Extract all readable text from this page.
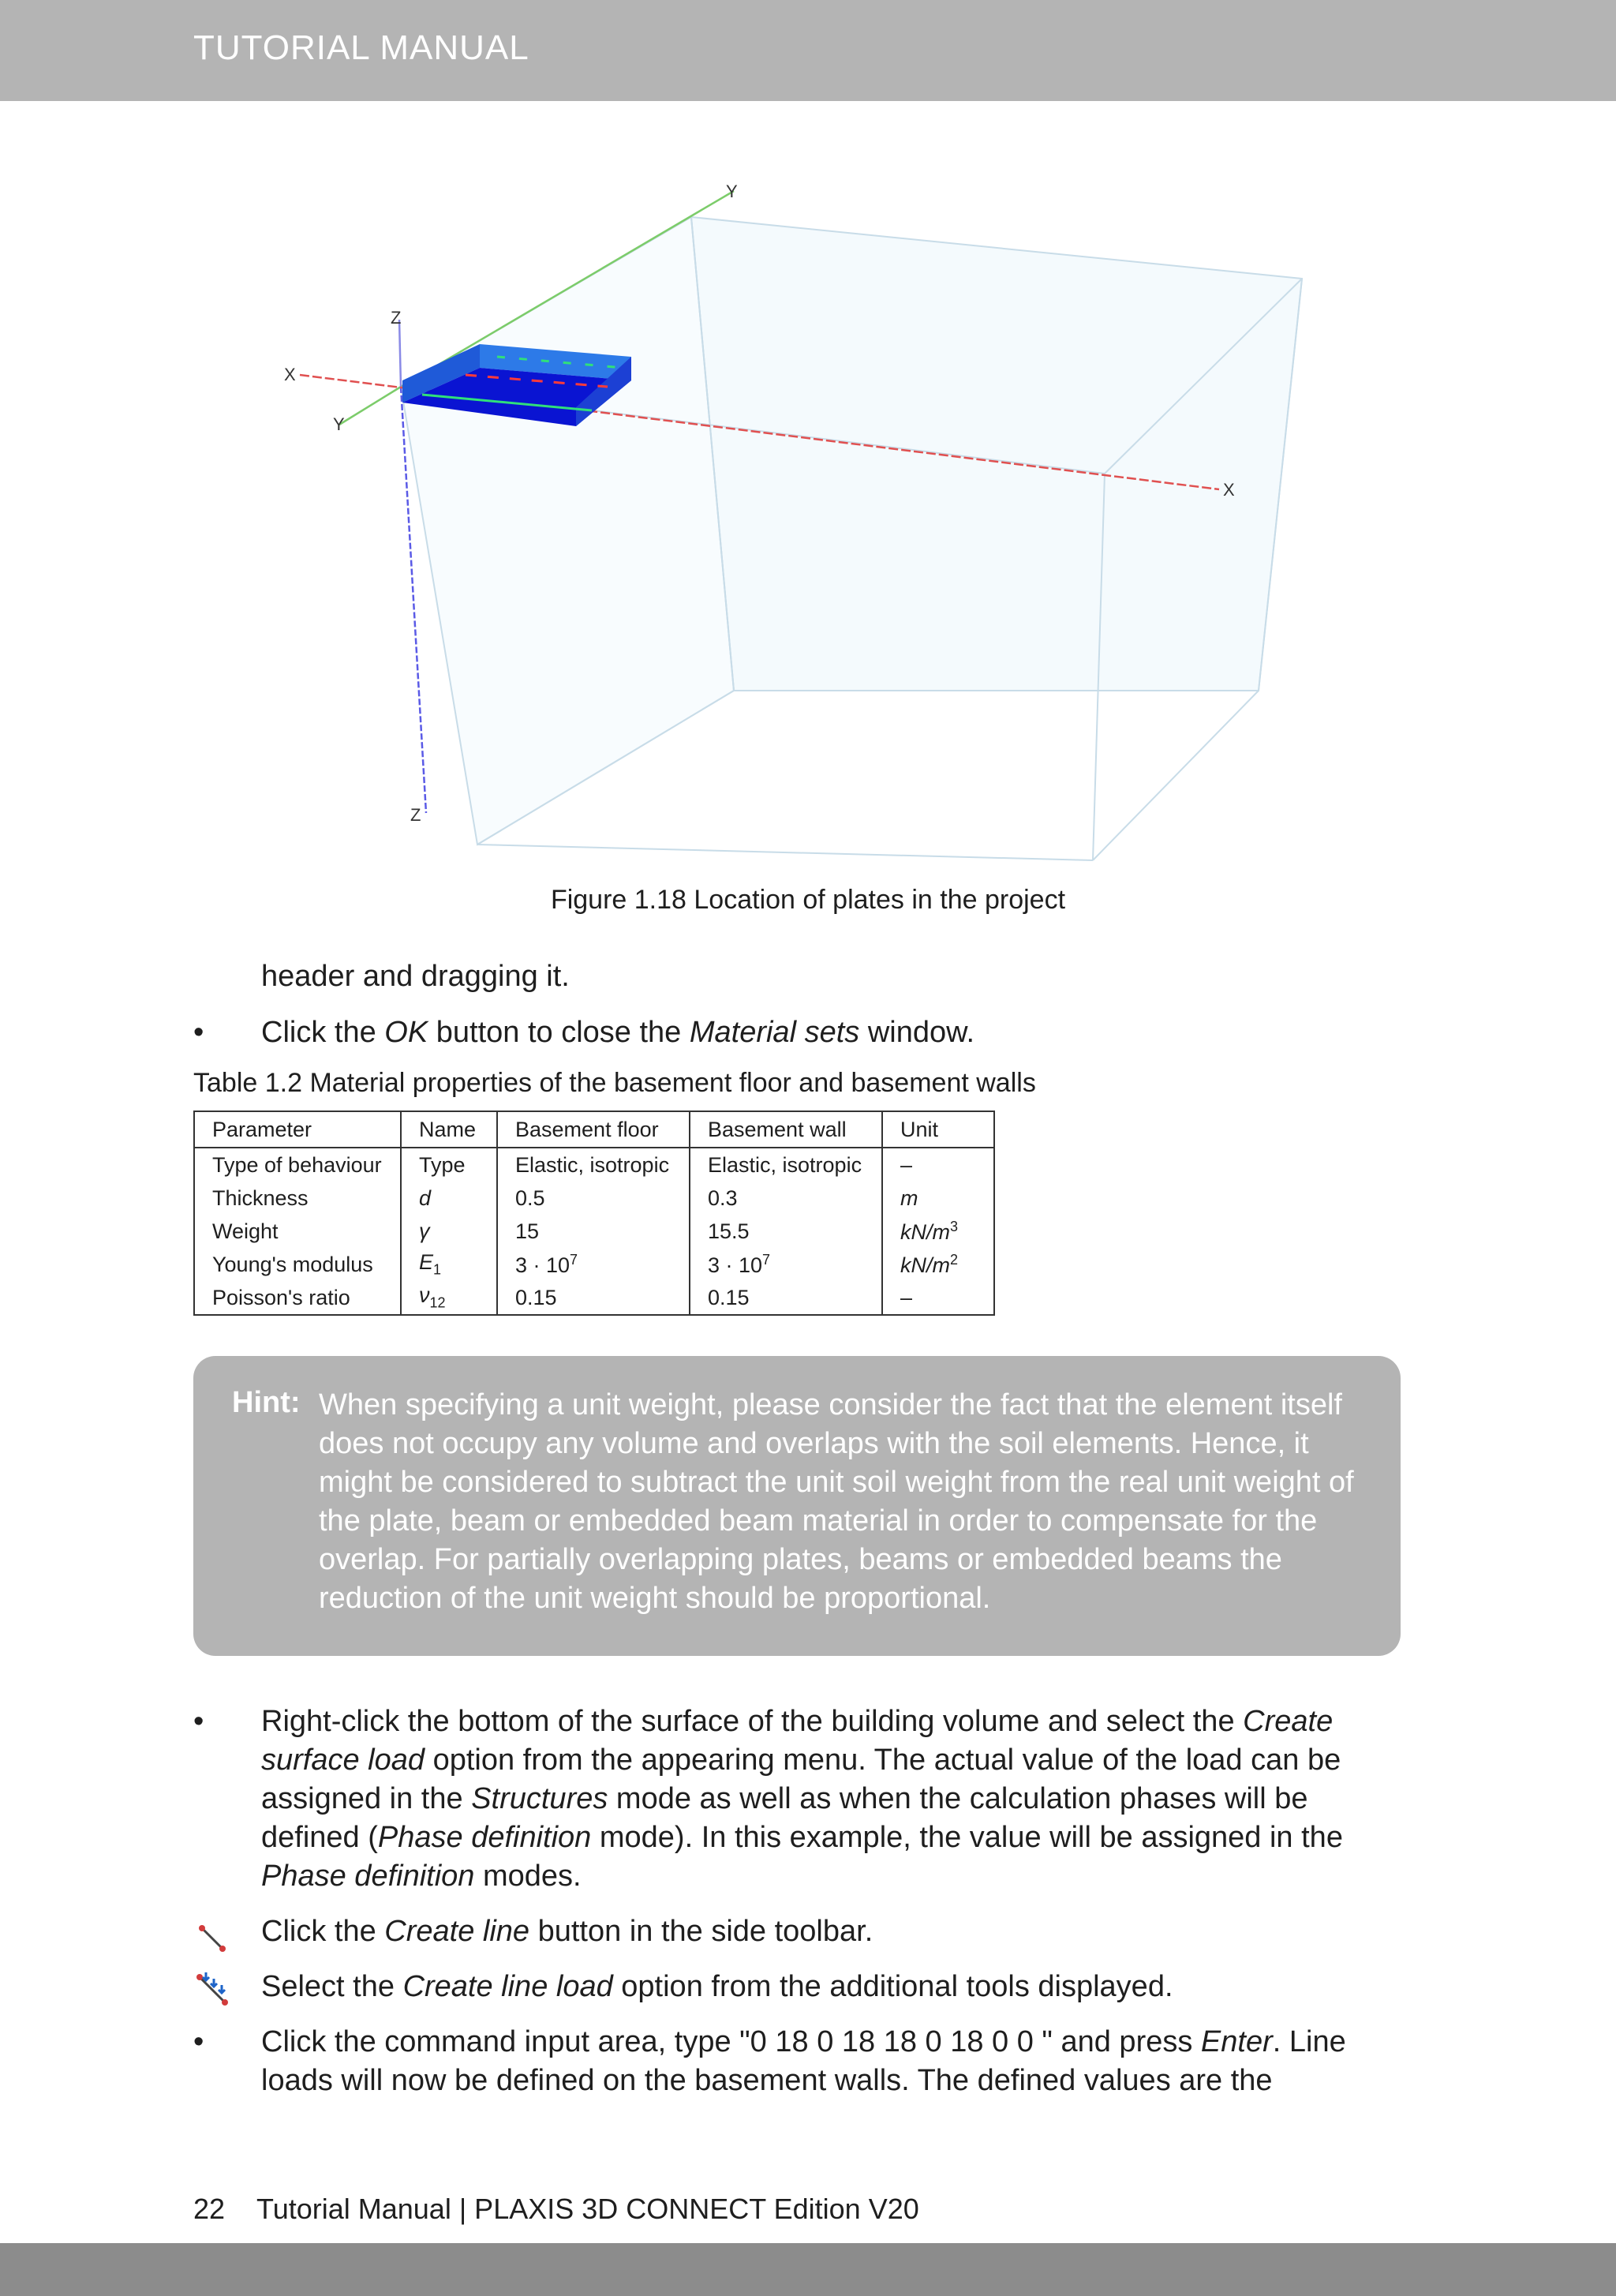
TUTORIAL MANUAL
Y
Z
X
Y
X
Z
Figure 1.18 Location of plates in the project
header and dragging it.
• Click the OK button to close the Material sets window.
Table 1.2 Material properties of the basement floor and basement walls
Parameter	Name	Basement floor	Basement wall	Unit
Type of behaviour	Type	Elastic, isotropic	Elastic, isotropic	–
Thickness	d	0.5	0.3	m
Weight	γ	15	15.5	$kN/m^3$
Young's modulus	$E_1$	$3 \cdot 10^7$	$3 \cdot 10^7$	$kN/m^2$
Poisson's ratio	$\nu_{12}$	0.15	0.15	–
Hint: When specifying a unit weight, please consider the fact that the element itself does not occupy any volume and overlaps with the soil elements. Hence, it might be considered to subtract the unit soil weight from the real unit weight of the plate, beam or embedded beam material in order to compensate for the overlap. For partially overlapping plates, beams or embedded beams the reduction of the unit weight should be proportional.
• Right-click the bottom of the surface of the building volume and select the Create surface load option from the appearing menu. The actual value of the load can be assigned in the Structures mode as well as when the calculation phases will be defined (Phase definition mode). In this example, the value will be assigned in the Phase definition modes.
Click the Create line button in the side toolbar.
Select the Create line load option from the additional tools displayed.
• Click the command input area, type "0 18 0 18 18 0 18 0 0 " and press Enter. Line loads will now be defined on the basement walls. The defined values are the
22 Tutorial Manual | PLAXIS 3D CONNECT Edition V20
